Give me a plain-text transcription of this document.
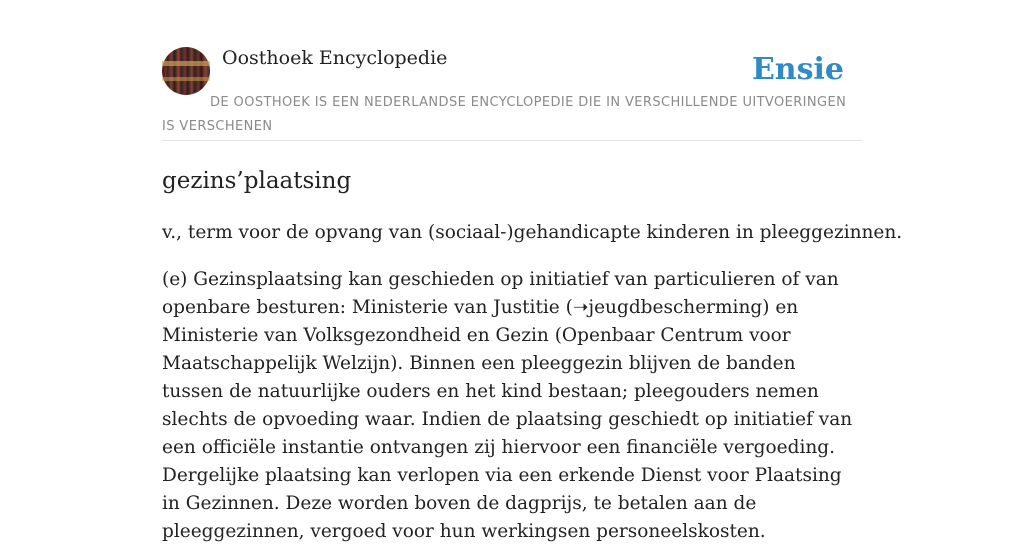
Oosthoek Encyclopedie	Ensie
DE OOSTHOEK IS EEN NEDERLANDSE ENCYCLOPEDIE DIE IN VERSCHILLENDE UITVOERINGEN IS VERSCHENEN
gezins’plaatsing

v., term voor de opvang van (sociaal-)gehandicapte kinderen in pleeggezinnen.

(e) Gezinsplaatsing kan geschieden op initiatief van particulieren of van openbare besturen: Ministerie van Justitie (➝jeugdbescherming) en Ministerie van Volksgezondheid en Gezin (Openbaar Centrum voor Maatschappelijk Welzijn). Binnen een pleeggezin blijven de banden tussen de natuurlijke ouders en het kind bestaan; pleegouders nemen slechts de opvoeding waar. Indien de plaatsing geschiedt op initiatief van een officiële instantie ontvangen zij hiervoor een financiële vergoeding. Dergelijke plaatsing kan verlopen via een erkende Dienst voor Plaatsing in Gezinnen. Deze worden boven de dagprijs, te betalen aan de pleeggezinnen, vergoed voor hun werkingsen personeelskosten.
